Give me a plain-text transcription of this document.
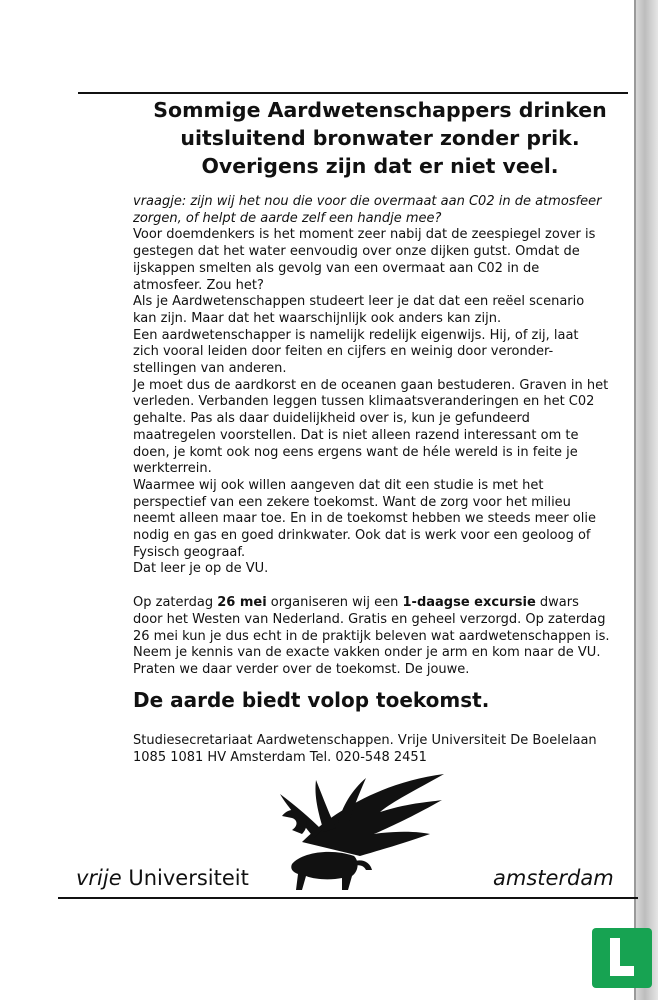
Sommige Aardwetenschappers drinken
uitsluitend bronwater zonder prik.
Overigens zijn dat er niet veel.
vraagje: zijn wij het nou die voor die overmaat aan C02 in de atmosfeer
zorgen, of helpt de aarde zelf een handje mee?
Voor doemdenkers is het moment zeer nabij dat de zeespiegel zover is
gestegen dat het water eenvoudig over onze dijken gutst. Omdat de
ijskappen smelten als gevolg van een overmaat aan C02 in de
atmosfeer. Zou het?
Als je Aardwetenschappen studeert leer je dat dat een reëel scenario
kan zijn. Maar dat het waarschijnlijk ook anders kan zijn.
Een aardwetenschapper is namelijk redelijk eigenwijs. Hij, of zij, laat
zich vooral leiden door feiten en cijfers en weinig door veronder-
stellingen van anderen.
Je moet dus de aardkorst en de oceanen gaan bestuderen. Graven in het
verleden. Verbanden leggen tussen klimaatsveranderingen en het C02
gehalte. Pas als daar duidelijkheid over is, kun je gefundeerd
maatregelen voorstellen. Dat is niet alleen razend interessant om te
doen, je komt ook nog eens ergens want de héle wereld is in feite je
werkterrein.
Waarmee wij ook willen aangeven dat dit een studie is met het
perspectief van een zekere toekomst. Want de zorg voor het milieu
neemt alleen maar toe. En in de toekomst hebben we steeds meer olie
nodig en gas en goed drinkwater. Ook dat is werk voor een geoloog of
Fysisch geograaf.
Dat leer je op de VU.
Op zaterdag 26 mei organiseren wij een 1-daagse excursie dwars
door het Westen van Nederland. Gratis en geheel verzorgd. Op zaterdag
26 mei kun je dus echt in de praktijk beleven wat aardwetenschappen is.
Neem je kennis van de exacte vakken onder je arm en kom naar de VU.
Praten we daar verder over de toekomst. De jouwe.
De aarde biedt volop toekomst.
Studiesecretariaat Aardwetenschappen. Vrije Universiteit De Boelelaan
1085 1081 HV Amsterdam Tel. 020-548 2451
vrije Universiteit	amsterdam
